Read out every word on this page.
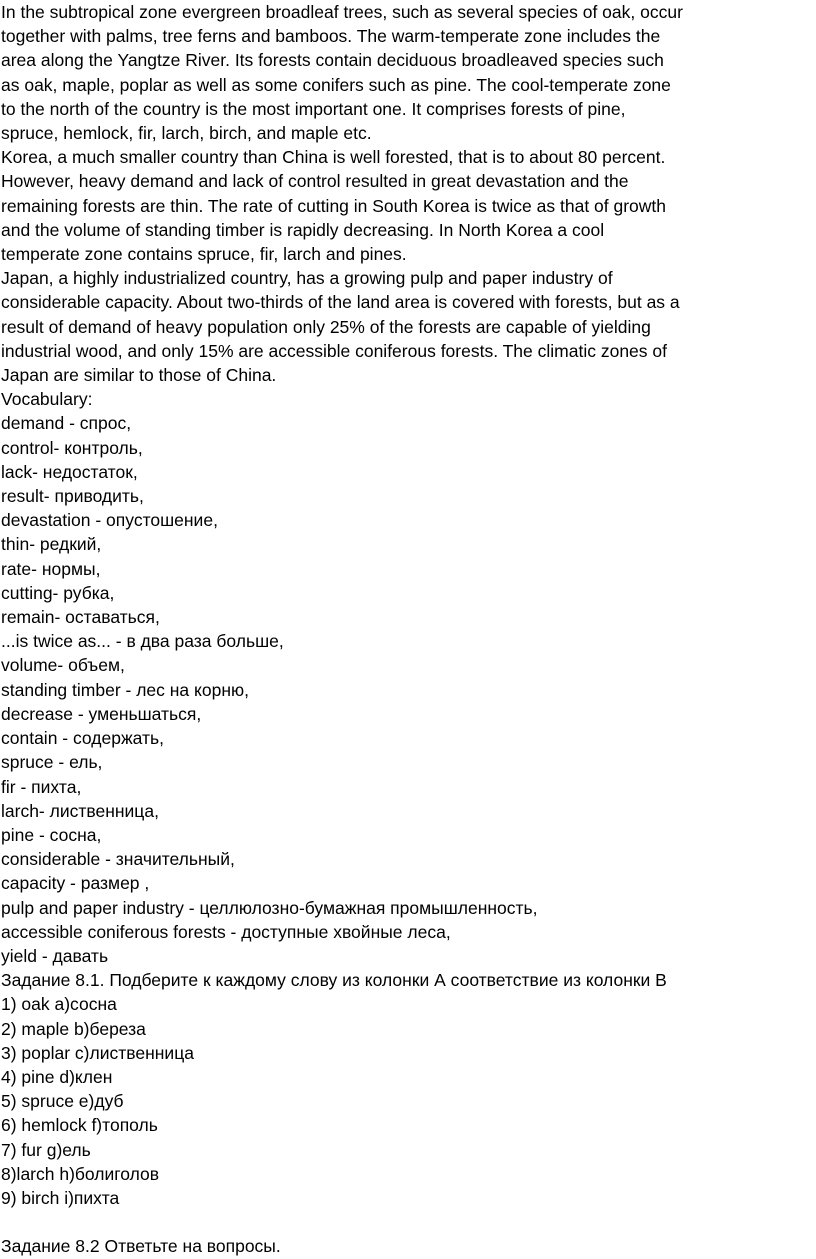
In the subtropical zone evergreen broadleaf trees, such as several species of oak, occur
together with palms, tree ferns and bamboos. The warm-temperate zone includes the
area along the Yangtze River. Its forests contain deciduous broadleaved species such
as oak, maple, poplar as well as some conifers such as pine. The cool-temperate zone
to the north of the country is the most important one. It comprises forests of pine,
spruce, hemlock, fir, larch, birch, and maple etc.
Korea, a much smaller country than China is well forested, that is to about 80 percent.
However, heavy demand and lack of control resulted in great devastation and the
remaining forests are thin. The rate of cutting in South Korea is twice as that of growth
and the volume of standing timber is rapidly decreasing. In North Korea a cool
temperate zone contains spruce, fir, larch and pines.
Japan, a highly industrialized country, has a growing pulp and paper industry of
considerable capacity. About two-thirds of the land area is covered with forests, but as a
result of demand of heavy population only 25% of the forests are capable of yielding
industrial wood, and only 15% are accessible coniferous forests. The climatic zones of
Japan are similar to those of China.
Vocabulary:
demand - спрос,
control- контроль,
lack- недостаток,
result- приводить,
devastation - опустошение,
thin- редкий,
rate- нормы,
cutting- рубка,
remain- оставаться,
...is twice as... - в два раза больше,
volume- объем,
standing timber - лес на корню,
decrease - уменьшаться,
contain - содержать,
spruce - ель,
fir - пихта,
larch- лиственница,
pine - сосна,
considerable - значительный,
capacity - размер ,
pulp and paper industry - целлюлозно-бумажная промышленность,
accessible coniferous forests - доступные хвойные леса,
yield - давать
Задание 8.1. Подберите к каждому слову из колонки А соответствие из колонки В
1) oak a)сосна
2) maple b)береза
3) poplar c)лиственница
4) pine d)клен
5) spruce e)дуб
6) hemlock f)тополь
7) fur g)ель
8)larch h)болиголов
9) birch i)пихта
Задание 8.2 Ответьте на вопросы.
